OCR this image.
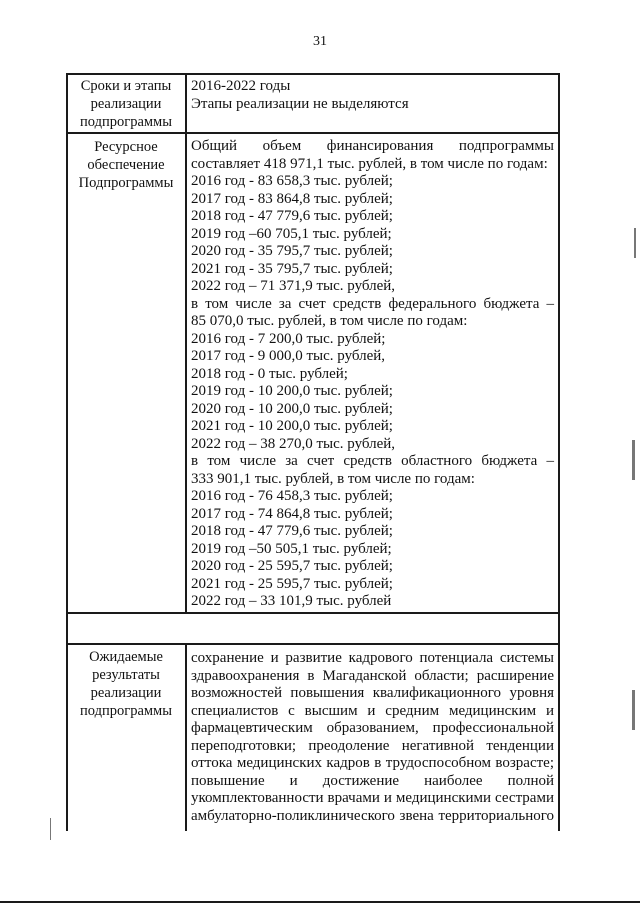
31
Сроки и этапы
реализации
подпрограммы
2016-2022 годы
Этапы реализации не выделяются
Ресурсное
обеспечение
Подпрограммы
Общий объем финансирования подпрограммы
составляет 418 971,1 тыс. рублей, в том числе по годам:
2016 год - 83 658,3 тыс. рублей;
2017 год - 83 864,8 тыс. рублей;
2018 год - 47 779,6 тыс. рублей;
2019 год –60 705,1 тыс. рублей;
2020 год - 35 795,7 тыс. рублей;
2021 год - 35 795,7 тыс. рублей;
2022 год – 71 371,9 тыс. рублей,
в том числе за счет средств федерального бюджета –
85 070,0 тыс. рублей, в том числе по годам:
2016 год - 7 200,0 тыс. рублей;
2017 год - 9 000,0 тыс. рублей,
2018 год - 0 тыс. рублей;
2019 год - 10 200,0 тыс. рублей;
2020 год - 10 200,0 тыс. рублей;
2021 год - 10 200,0 тыс. рублей;
2022 год – 38 270,0 тыс. рублей,
в том числе за счет средств областного бюджета –
333 901,1 тыс. рублей, в том числе по годам:
2016 год - 76 458,3 тыс. рублей;
2017 год - 74 864,8 тыс. рублей;
2018 год - 47 779,6 тыс. рублей;
2019 год –50 505,1 тыс. рублей;
2020 год - 25 595,7 тыс. рублей;
2021 год - 25 595,7 тыс. рублей;
2022 год – 33 101,9 тыс. рублей
Ожидаемые
результаты
реализации
подпрограммы
сохранение и развитие кадрового потенциала системы
здравоохранения в Магаданской области; расширение
возможностей повышения квалификационного уровня
специалистов с высшим и средним медицинским и
фармацевтическим образованием, профессиональной
переподготовки; преодоление негативной тенденции
оттока медицинских кадров в трудоспособном возрасте;
повышение и достижение наиболее полной
укомплектованности врачами и медицинскими сестрами
амбулаторно-поликлинического звена территориального
